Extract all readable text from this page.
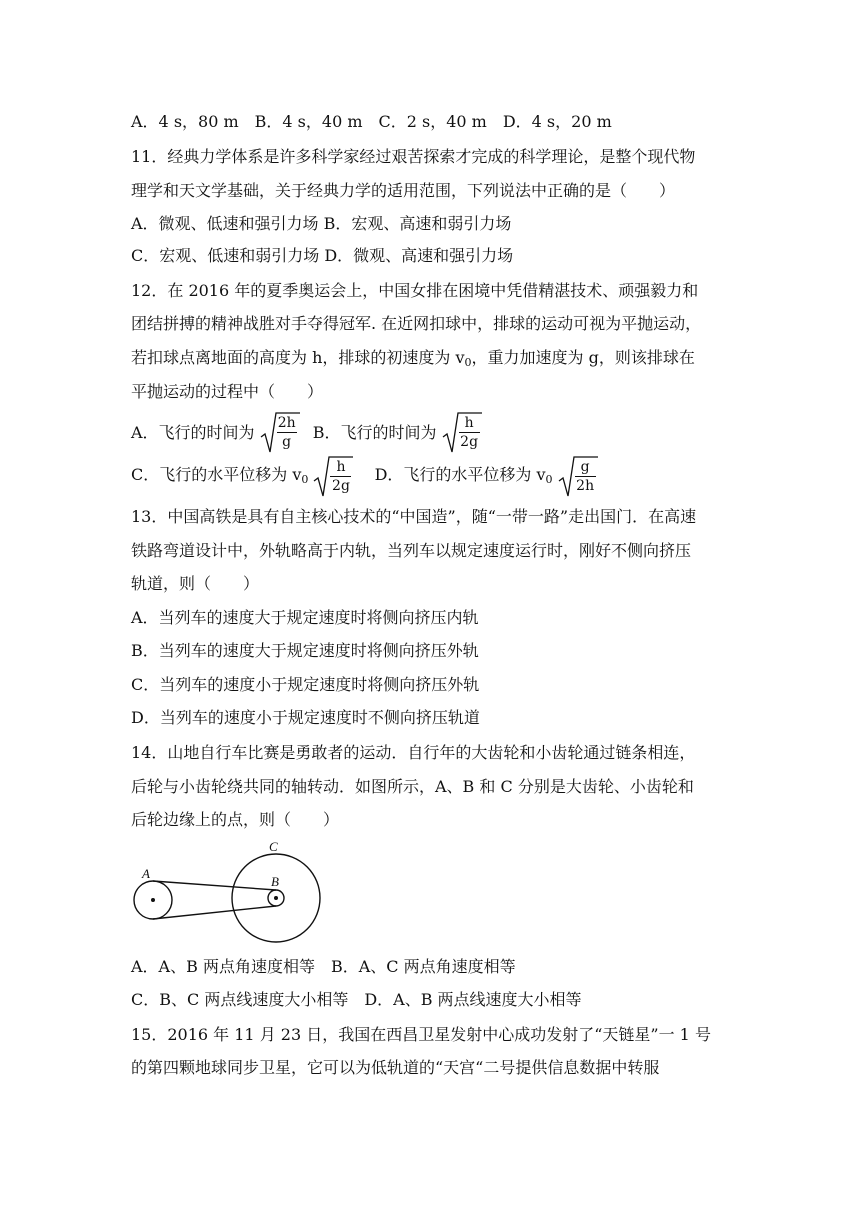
A．4 s，80 m　B．4 s，40 m　C．2 s，40 m　D．4 s，20 m
11．经典力学体系是许多科学家经过艰苦探索才完成的科学理论，是整个现代物
理学和天文学基础，关于经典力学的适用范围，下列说法中正确的是（　　）
A．微观、低速和强引力场 B．宏观、高速和弱引力场
C．宏观、低速和弱引力场 D．微观、高速和强引力场
12．在 2016 年的夏季奥运会上，中国女排在困境中凭借精湛技术、顽强毅力和
团结拼搏的精神战胜对手夺得冠军. 在近网扣球中，排球的运动可视为平抛运动，
若扣球点离地面的高度为 h，排球的初速度为 $v_0$，重力加速度为 g，则该排球在
平抛运动的过程中（　　）
A．飞行的时间为 2h
g	B．飞行的时间为	h
2g
C．飞行的水平位移为 $v_0$
h
2g
D．飞行的水平位移为 $v_0$
g
2h
13．中国高铁是具有自主核心技术的“中国造”，随“一带一路”走出国门．在高速
铁路弯道设计中，外轨略高于内轨，当列车以规定速度运行时，刚好不侧向挤压
轨道，则（　　）
A．当列车的速度大于规定速度时将侧向挤压内轨
B．当列车的速度大于规定速度时将侧向挤压外轨
C．当列车的速度小于规定速度时将侧向挤压外轨
D．当列车的速度小于规定速度时不侧向挤压轨道
14．山地自行车比赛是勇敢者的运动．自行年的大齿轮和小齿轮通过链条相连，
后轮与小齿轮绕共同的轴转动．如图所示，A、B 和 C 分别是大齿轮、小齿轮和
后轮边缘上的点，则（　　）
A
B
C
A．A、B 两点角速度相等　B．A、C 两点角速度相等
C．B、C 两点线速度大小相等　D．A、B 两点线速度大小相等
15．2016 年 11 月 23 日，我国在西昌卫星发射中心成功发射了“天链星”一 1 号
的第四颗地球同步卫星，它可以为低轨道的“天宫“二号提供信息数据中转服
